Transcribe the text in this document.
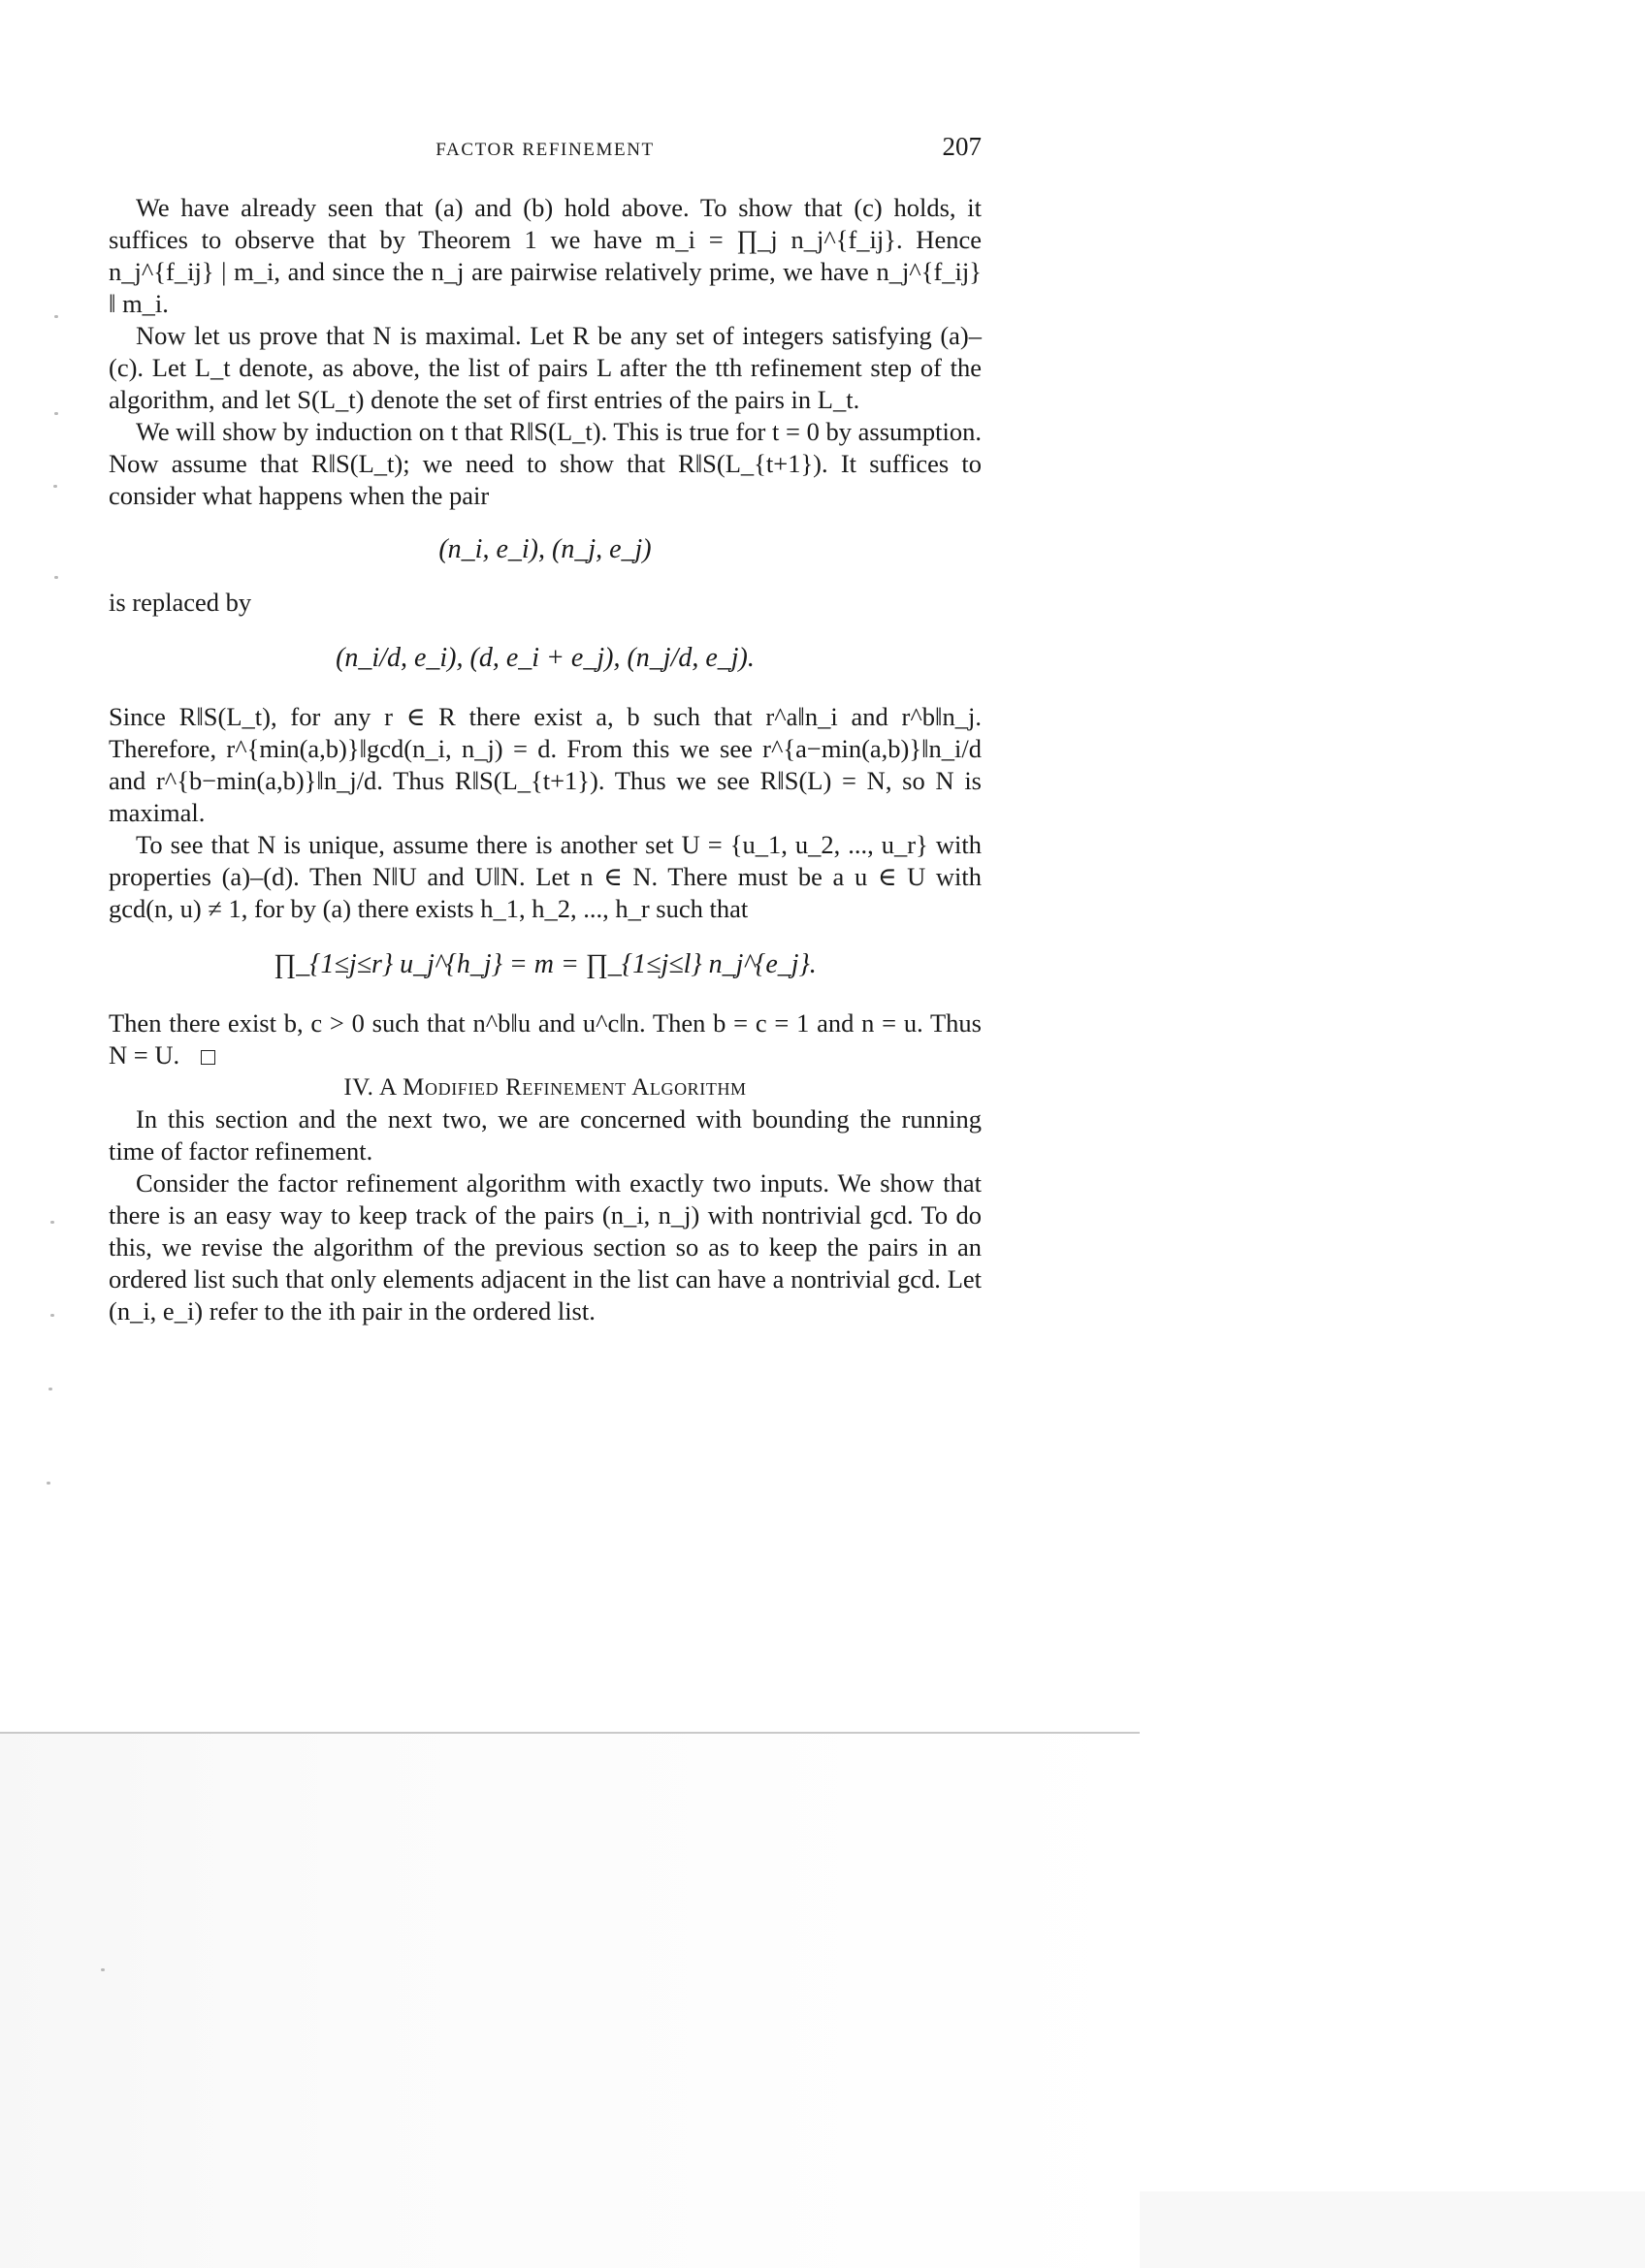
FACTOR REFINEMENT	207

We have already seen that (a) and (b) hold above. To show that (c) holds, it suffices to observe that by Theorem 1 we have m_i = ∏_j n_j^{f_ij}. Hence n_j^{f_ij} | m_i, and since the n_j are pairwise relatively prime, we have n_j^{f_ij} ‖ m_i.

Now let us prove that N is maximal. Let R be any set of integers satisfying (a)–(c). Let L_t denote, as above, the list of pairs L after the tth refinement step of the algorithm, and let S(L_t) denote the set of first entries of the pairs in L_t.

We will show by induction on t that R‖S(L_t). This is true for t = 0 by assumption. Now assume that R‖S(L_t); we need to show that R‖S(L_{t+1}). It suffices to consider what happens when the pair

(n_i, e_i), (n_j, e_j)

is replaced by

(n_i/d, e_i), (d, e_i + e_j), (n_j/d, e_j).

Since R‖S(L_t), for any r ∈ R there exist a, b such that r^a‖n_i and r^b‖n_j. Therefore, r^{min(a,b)}‖gcd(n_i, n_j) = d. From this we see r^{a−min(a,b)}‖n_i/d and r^{b−min(a,b)}‖n_j/d. Thus R‖S(L_{t+1}). Thus we see R‖S(L) = N, so N is maximal.

To see that N is unique, assume there is another set U = {u_1, u_2, ..., u_r} with properties (a)–(d). Then N‖U and U‖N. Let n ∈ N. There must be a u ∈ U with gcd(n, u) ≠ 1, for by (a) there exists h_1, h_2, ..., h_r such that

∏_{1≤j≤r} u_j^{h_j} = m = ∏_{1≤j≤l} n_j^{e_j}.

Then there exist b, c > 0 such that n^b‖u and u^c‖n. Then b = c = 1 and n = u. Thus N = U.

IV. A Modified Refinement Algorithm

In this section and the next two, we are concerned with bounding the running time of factor refinement.

Consider the factor refinement algorithm with exactly two inputs. We show that there is an easy way to keep track of the pairs (n_i, n_j) with nontrivial gcd. To do this, we revise the algorithm of the previous section so as to keep the pairs in an ordered list such that only elements adjacent in the list can have a nontrivial gcd. Let (n_i, e_i) refer to the ith pair in the ordered list.
